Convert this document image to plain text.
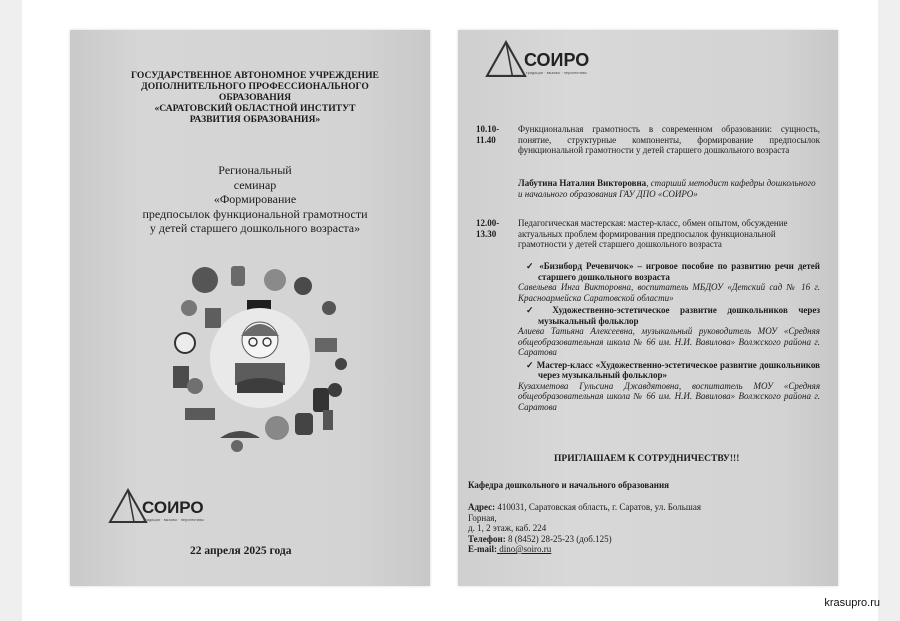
ГОСУДАРСТВЕННОЕ АВТОНОМНОЕ УЧРЕЖДЕНИЕ
ДОПОЛНИТЕЛЬНОГО ПРОФЕССИОНАЛЬНОГО ОБРАЗОВАНИЯ
«САРАТОВСКИЙ ОБЛАСТНОЙ ИНСТИТУТ
РАЗВИТИЯ ОБРАЗОВАНИЯ»
Региональный
семинар
«Формирование
предпосылок функциональной грамотности
у детей старшего дошкольного возраста»
СОИРО
традиции · вызовы · перспективы
22 апреля 2025 года
СОИРО
традиции · вызовы · перспективы
10.10-
11.40
Функциональная грамотность в современном образовании: сущность, понятие, структурные компоненты, формирование предпосылок функциональной грамотности у детей старшего дошкольного возраста
Лабутина Наталия Викторовна, старший методист кафедры дошкольного и начального образования ГАУ ДПО «СОИРО»
12.00-
13.30
Педагогическая мастерская: мастер-класс, обмен опытом, обсуждение актуальных проблем формирования предпосылок функциональной грамотности у детей старшего дошкольного возраста
✓ «Бизиборд Речевичок» – игровое пособие по развитию речи детей старшего дошкольного возраста
Савельева Инга Викторовна, воспитатель МБДОУ «Детский сад № 16 г. Красноармейска Саратовской области»
✓ Художественно-эстетическое развитие дошкольников через музыкальный фольклор
Алиева Татьяна Алексеевна, музыкальный руководитель МОУ «Средняя общеобразовательная школа № 66 им. Н.И. Вавилова» Волжского района г. Саратова
✓ Мастер-класс «Художественно-эстетическое развитие дошкольников через музыкальный фольклор»
Кузахметова Гульсина Джавдятовна, воспитатель МОУ «Средняя общеобразовательная школа № 66 им. Н.И. Вавилова» Волжского района г. Саратова
ПРИГЛАШАЕМ К СОТРУДНИЧЕСТВУ!!!
Кафедра дошкольного и начального образования
Адрес: 410031, Саратовская область, г. Саратов, ул. Большая
Горная,
д. 1, 2 этаж, каб. 224
Телефон: 8 (8452) 28-25-23 (доб.125)
E-mail: dino@soiro.ru
krasupro.ru
